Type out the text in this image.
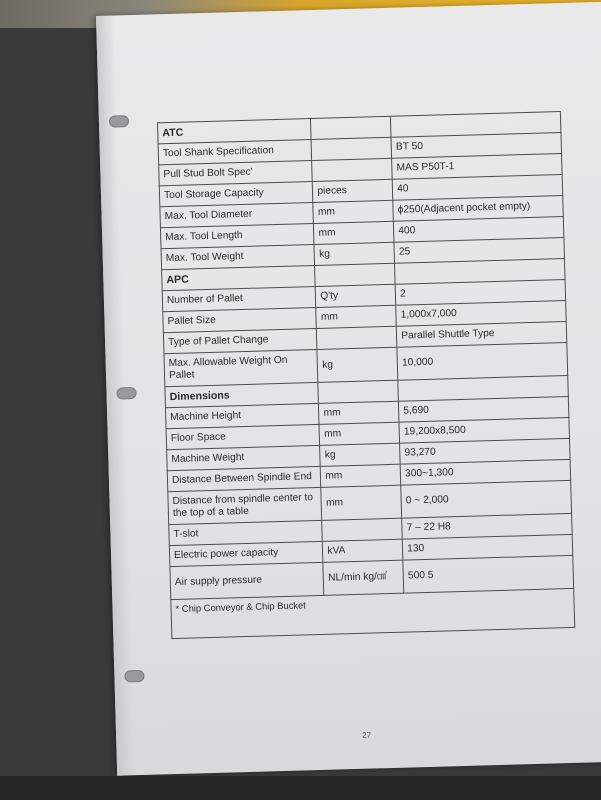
ATC		
Tool Shank Specification		BT 50
Pull Stud Bolt Spec'		MAS P50T-1
Tool Storage Capacity	pieces	40
Max. Tool Diameter	mm	ϕ250(Adjacent pocket empty)
Max. Tool Length	mm	400
Max. Tool Weight	kg	25
APC		
Number of Pallet	Q'ty	2
Pallet Size	mm	1,000x7,000
Type of Pallet Change		Parallel Shuttle Type
Max. Allowable Weight On Pallet	kg	10,000
Dimensions		
Machine Height	mm	5,690
Floor Space	mm	19,200x8,500
Machine Weight	kg	93,270
Distance Between Spindle End	mm	300~1,300
Distance from spindle center to the top of a table	mm	0 ~ 2,000
T-slot		7 – 22 H8
Electric power capacity	kVA	130
Air supply pressure	NL/min kg/㎠	500 5
* Chip Conveyor & Chip Bucket		
27
